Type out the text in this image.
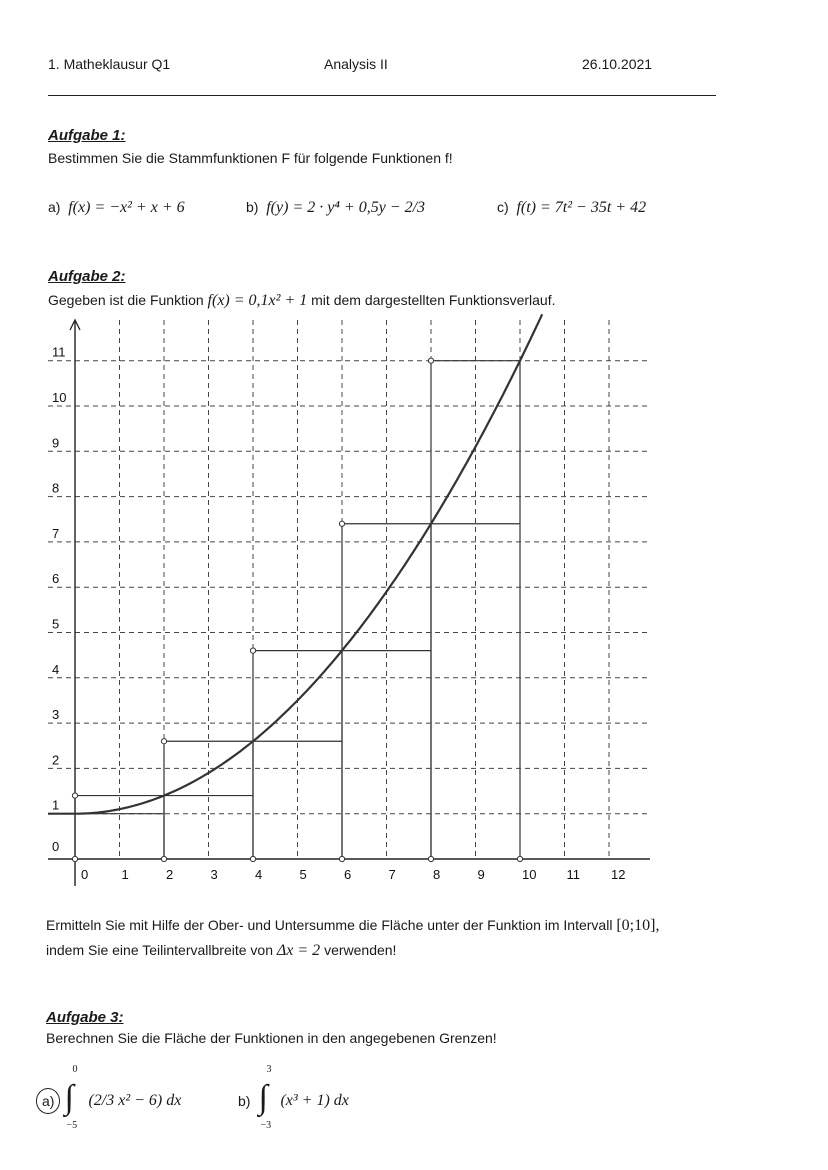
1. Matheklausur Q1	Analysis II	26.10.2021
Aufgabe 1:
Bestimmen Sie die Stammfunktionen F für folgende Funktionen f!
a) f(x) = −x² + x + 6	b) f(y) = 2 · y⁴ + 0,5y − 2/3	c) f(t) = 7t² − 35t + 42
Aufgabe 2:
Gegeben ist die Funktion f(x) = 0,1x² + 1 mit dem dargestellten Funktionsverlauf.
0	1	2	3	4	5	6	7	8	9	10 11 12
0
1
2
3
4
5
6
7
8
9
10
11
Ermitteln Sie mit Hilfe der Ober- und Untersumme die Fläche unter der Funktion im Intervall [0;10],
indem Sie eine Teilintervallbreite von Δx = 2 verwenden!
Aufgabe 3:
Berechnen Sie die Fläche der Funktionen in den angegebenen Grenzen!
a)
0
∫
−5
(2/3 x² − 6) dx	b)
3
∫
−3
(x³ + 1) dx
